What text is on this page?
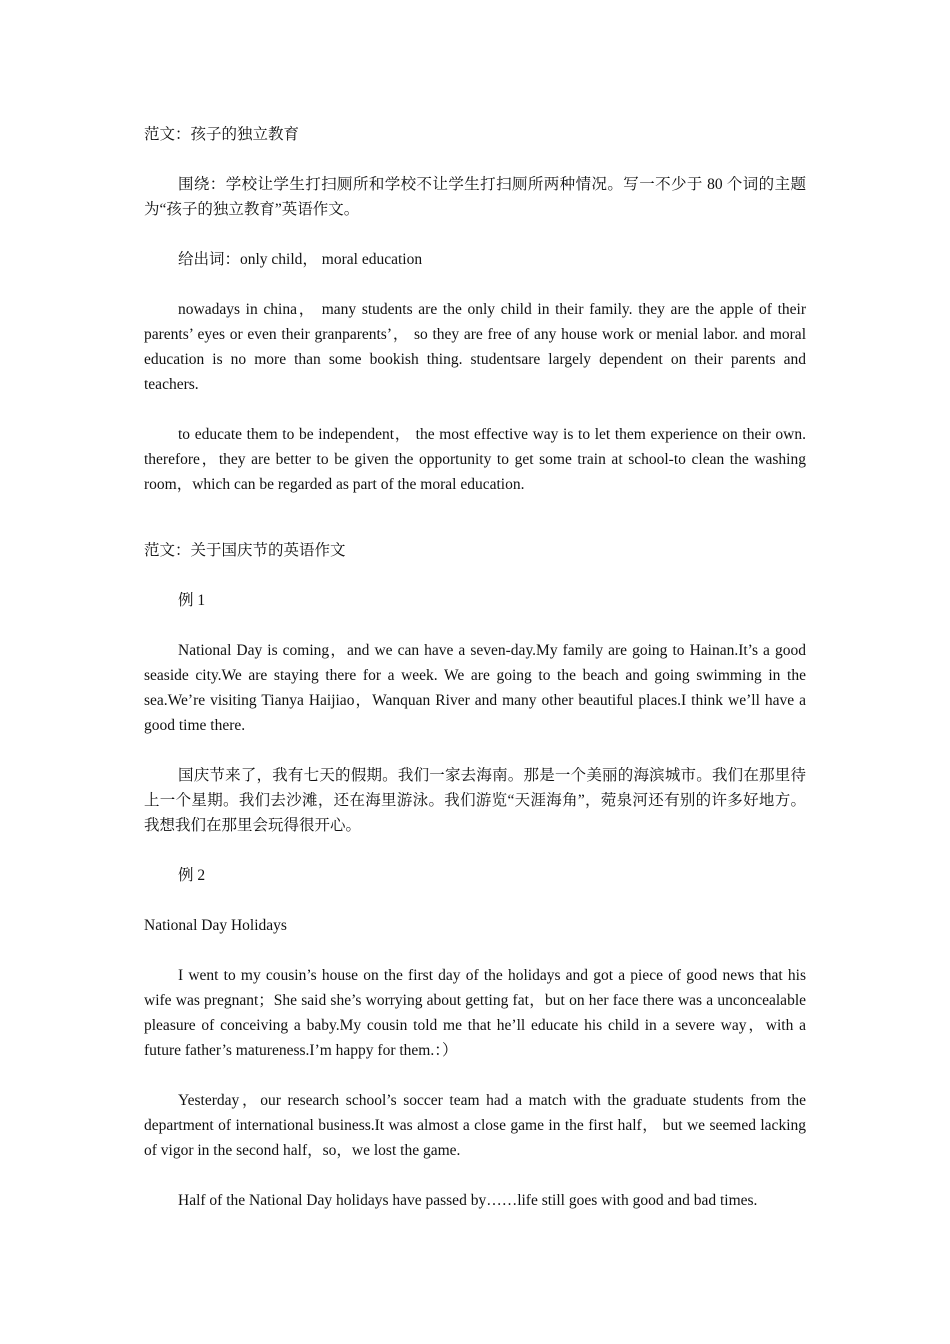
范文：孩子的独立教育

围绕：学校让学生打扫厕所和学校不让学生打扫厕所两种情况。写一不少于 80 个词的主题为“孩子的独立教育”英语作文。

给出词：only child， moral education

nowadays in china， many students are the only child in their family. they are the apple of their parents’ eyes or even their granparents’， so they are free of any house work or menial labor. and moral education is no more than some bookish thing. studentsare largely dependent on their parents and teachers.

to educate them to be independent， the most effective way is to let them experience on their own. therefore，they are better to be given the opportunity to get some train at school-to clean the washing room，which can be regarded as part of the moral education.

范文：关于国庆节的英语作文

例 1

National Day is coming，and we can have a seven-day.My family are going to Hainan.It’s a good seaside city.We are staying there for a week. We are going to the beach and going swimming in the sea.We’re visiting Tianya Haijiao，Wanquan River and many other beautiful places.I think we’ll have a good time there.

国庆节来了，我有七天的假期。我们一家去海南。那是一个美丽的海滨城市。我们在那里待上一个星期。我们去沙滩，还在海里游泳。我们游览“天涯海角”，菀泉河还有别的许多好地方。我想我们在那里会玩得很开心。

例 2

National Day Holidays

I went to my cousin’s house on the first day of the holidays and got a piece of good news that his wife was pregnant；She said she’s worrying about getting fat，but on her face there was a unconcealable pleasure of conceiving a baby.My cousin told me that he’ll educate his child in a severe way，with a future father’s matureness.I’m happy for them.：）

Yesterday，our research school’s soccer team had a match with the graduate students from the department of international business.It was almost a close game in the first half， but we seemed lacking of vigor in the second half，so，we lost the game.

Half of the National Day holidays have passed by……life still goes with good and bad times.
